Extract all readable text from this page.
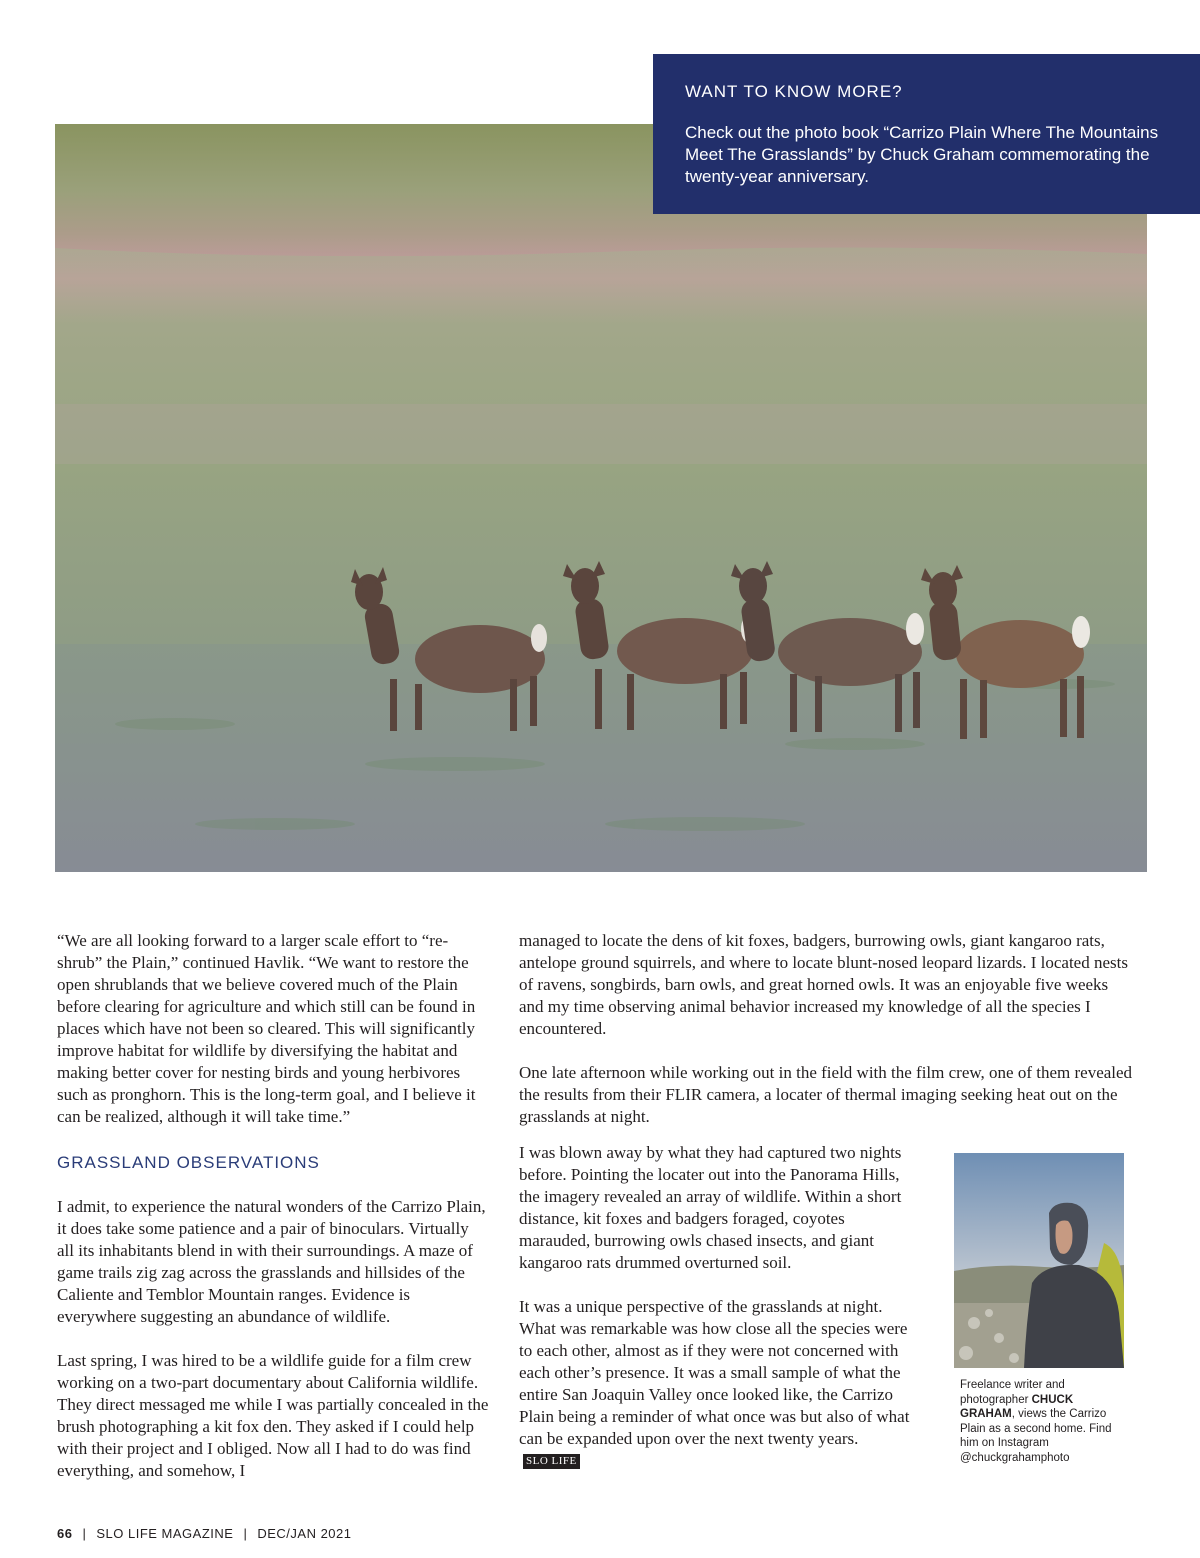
WANT TO KNOW MORE?

Check out the photo book “Carrizo Plain Where The Mountains Meet The Grasslands” by Chuck Graham commemorating the twenty-year anniversary.

“We are all looking forward to a larger scale effort to “re-shrub” the Plain,” continued Havlik. “We want to restore the open shrublands that we believe covered much of the Plain before clearing for agriculture and which still can be found in places which have not been so cleared. This will significantly improve habitat for wildlife by diversifying the habitat and making better cover for nesting birds and young herbivores such as pronghorn. This is the long-term goal, and I believe it can be realized, although it will take time.”

GRASSLAND OBSERVATIONS

I admit, to experience the natural wonders of the Carrizo Plain, it does take some patience and a pair of binoculars. Virtually all its inhabitants blend in with their surroundings. A maze of game trails zig zag across the grasslands and hillsides of the Caliente and Temblor Mountain ranges. Evidence is everywhere suggesting an abundance of wildlife.

Last spring, I was hired to be a wildlife guide for a film crew working on a two-part documentary about California wildlife. They direct messaged me while I was partially concealed in the brush photographing a kit fox den. They asked if I could help with their project and I obliged. Now all I had to do was find everything, and somehow, I

managed to locate the dens of kit foxes, badgers, burrowing owls, giant kangaroo rats, antelope ground squirrels, and where to locate blunt-nosed leopard lizards. I located nests of ravens, songbirds, barn owls, and great horned owls. It was an enjoyable five weeks and my time observing animal behavior increased my knowledge of all the species I encountered.

One late afternoon while working out in the field with the film crew, one of them revealed the results from their FLIR camera, a locater of thermal imaging seeking heat out on the grasslands at night.

I was blown away by what they had captured two nights before. Pointing the locater out into the Panorama Hills, the imagery revealed an array of wildlife. Within a short distance, kit foxes and badgers foraged, coyotes marauded, burrowing owls chased insects, and giant kangaroo rats drummed overturned soil.

It was a unique perspective of the grasslands at night. What was remarkable was how close all the species were to each other, almost as if they were not concerned with each other’s presence. It was a small sample of what the entire San Joaquin Valley once looked like, the Carrizo Plain being a reminder of what once was but also of what can be expanded upon over the next twenty years.SLO LIFE

Freelance writer and photographer CHUCK GRAHAM, views the Carrizo Plain as a second home. Find him on Instagram @chuckgrahamphoto
66 | SLO LIFE MAGAZINE | DEC/JAN 2021
